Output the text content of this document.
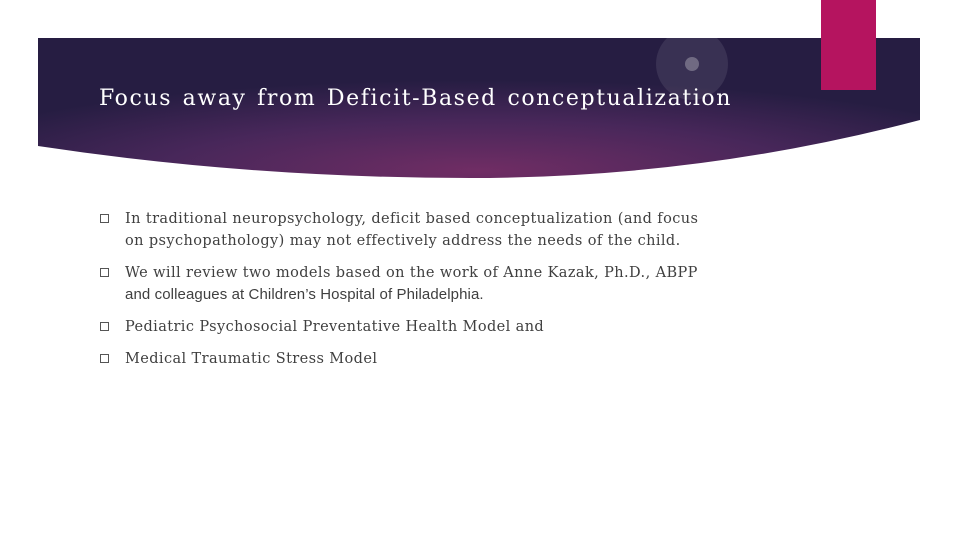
Focus away from Deficit-Based conceptualization
In traditional neuropsychology, deficit based conceptualization (and focus
on psychopathology) may not effectively address the needs of the child.
We will review two models based on the work of Anne Kazak, Ph.D., ABPP
and colleagues at Children’s Hospital of Philadelphia.
Pediatric Psychosocial Preventative Health Model and
Medical Traumatic Stress Model
